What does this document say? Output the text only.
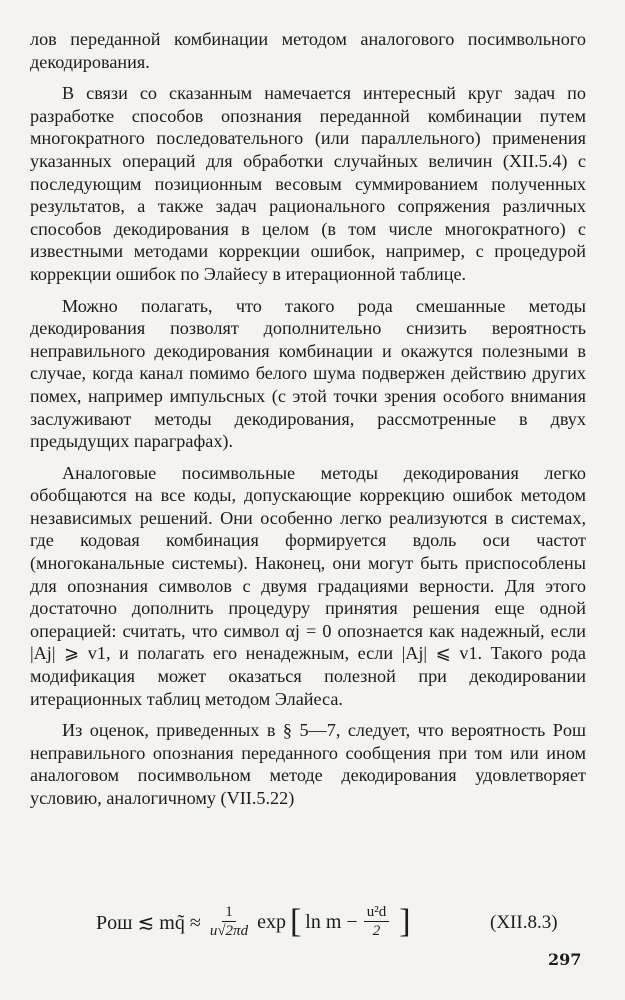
лов переданной комбинации методом аналогового посимвольного декодирования.

В связи со сказанным намечается интересный круг задач по разработке способов опознания переданной комбинации путем многократного последовательного (или параллельного) применения указанных операций для обработки случайных величин (XII.5.4) с последующим позиционным весовым суммированием полученных результатов, а также задач рационального сопряжения различных способов декодирования в целом (в том числе многократного) с известными методами коррекции ошибок, например, с процедурой коррекции ошибок по Элайесу в итерационной таблице.

Можно полагать, что такого рода смешанные методы декодирования позволят дополнительно снизить вероятность неправильного декодирования комбинации и окажутся полезными в случае, когда канал помимо белого шума подвержен действию других помех, например импульсных (с этой точки зрения особого внимания заслуживают методы декодирования, рассмотренные в двух предыдущих параграфах).

Аналоговые посимвольные методы декодирования легко обобщаются на все коды, допускающие коррекцию ошибок методом независимых решений. Они особенно легко реализуются в системах, где кодовая комбинация формируется вдоль оси частот (многоканальные системы). Наконец, они могут быть приспособлены для опознания символов с двумя градациями верности. Для этого достаточно дополнить процедуру принятия решения еще одной операцией: считать, что символ αj = 0 опознается как надежный, если |Aj| ⩾ v1, и полагать его ненадежным, если |Aj| ⩽ v1. Такого рода модификация может оказаться полезной при декодировании итерационных таблиц методом Элайеса.

Из оценок, приведенных в § 5—7, следует, что вероятность Pош неправильного опознания переданного сообщения при том или ином аналоговом посимвольном методе декодирования удовлетворяет условию, аналогичному (VII.5.22)

Pош ≲ mq̃ ≈ $\frac{1}{u√2\pi d}$ exp [ $\ln m - \frac{\text{u²d}}{2}$ ]	(XII.8.3)
297
